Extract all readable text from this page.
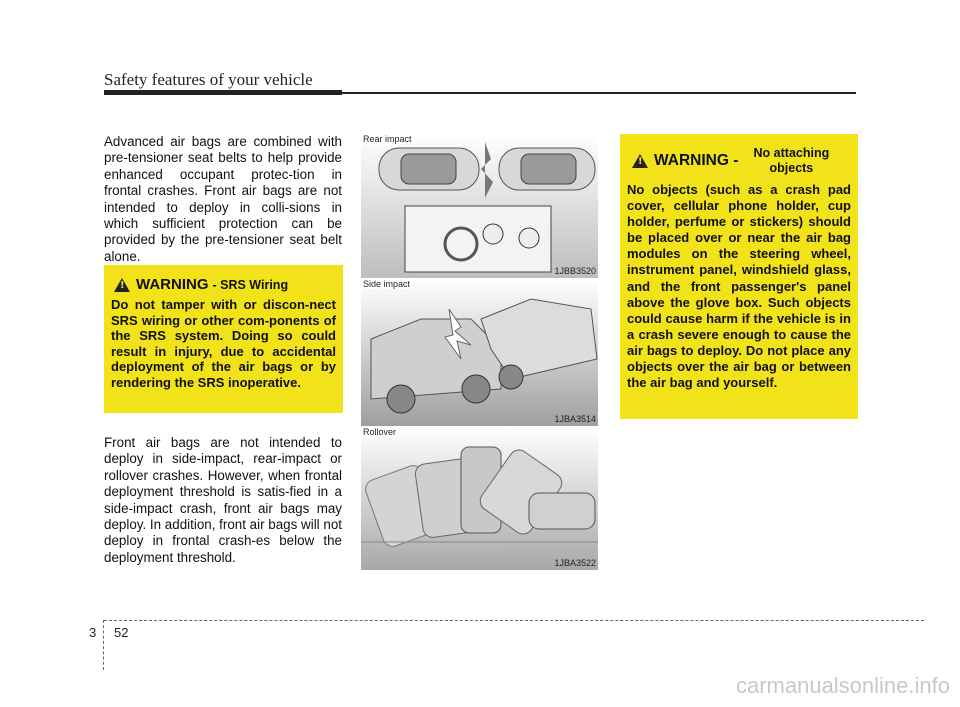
Safety features of your vehicle
Advanced air bags are combined with pre-tensioner seat belts to help provide enhanced occupant protec-tion in frontal crashes. Front air bags are not intended to deploy in colli-sions in which sufficient protection can be provided by the pre-tensioner seat belt alone.
!
WARNING - SRS Wiring
Do not tamper with or discon-nect SRS wiring or other com-ponents of the SRS system. Doing so could result in injury, due to accidental deployment of the air bags or by rendering the SRS inoperative.
Front air bags are not intended to deploy in side-impact, rear-impact or rollover crashes. However, when frontal deployment threshold is satis-fied in a side-impact crash, front air bags may deploy. In addition, front air bags will not deploy in frontal crash-es below the deployment threshold.
Rear impact
1JBB3520
Side impact
1JBA3514
Rollover
1JBA3522
!
WARNING -	No attaching objects
No objects (such as a crash pad cover, cellular phone holder, cup holder, perfume or stickers) should be placed over or near the air bag modules on the steering wheel, instrument panel, windshield glass, and the front passenger's panel above the glove box. Such objects could cause harm if the vehicle is in a crash severe enough to cause the air bags to deploy. Do not place any objects over the air bag or between the air bag and yourself.
3 52
carmanualsonline.info
